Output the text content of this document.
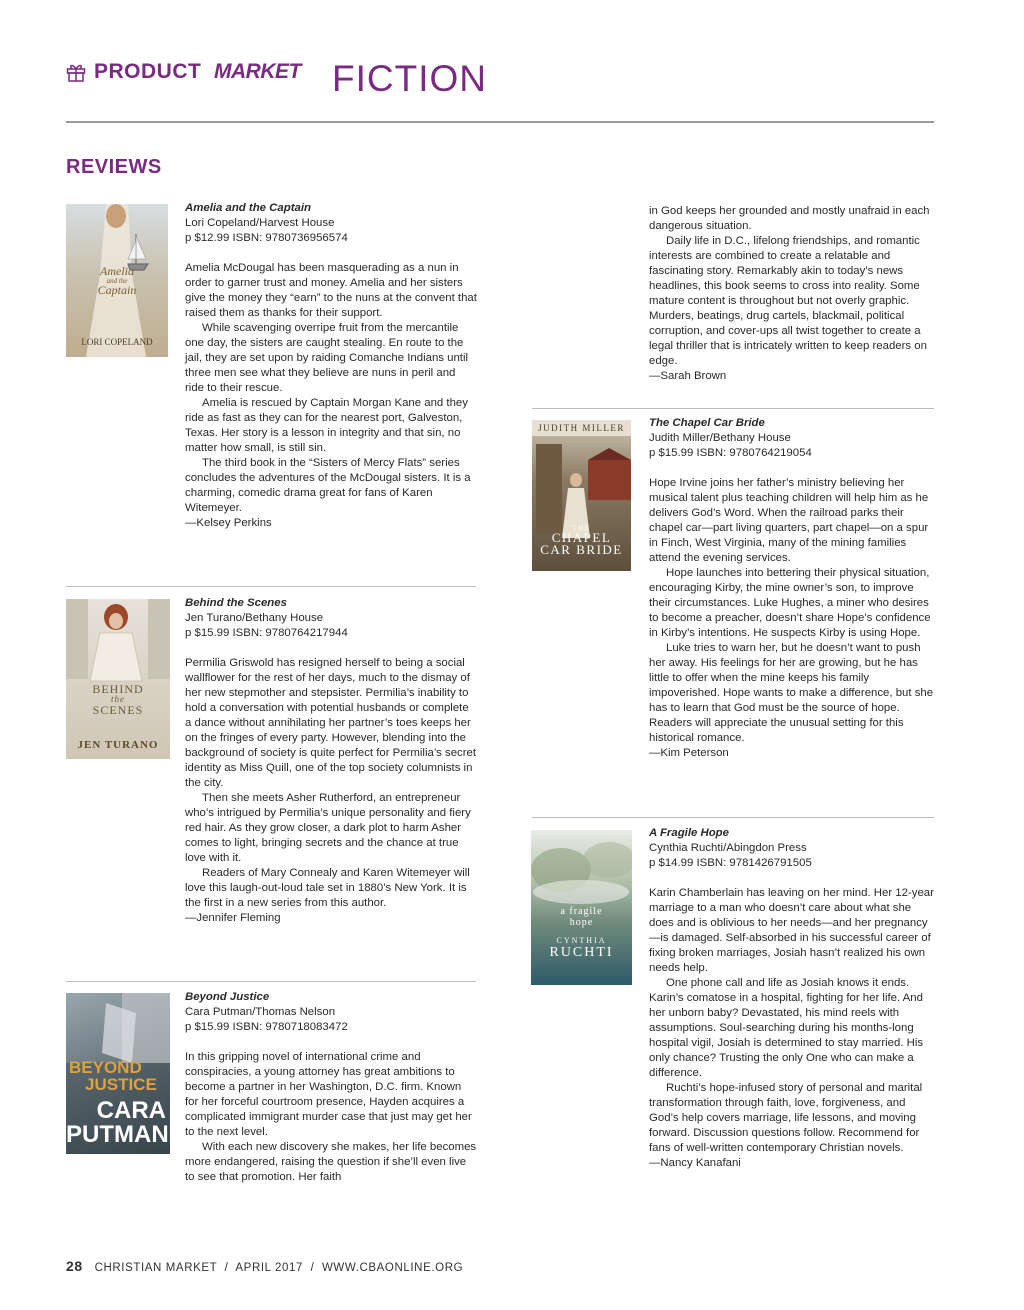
PRODUCT MARKET FICTION
REVIEWS
Amelia
and the
Captain
LORI COPELAND
Amelia and the Captain
Lori Copeland/Harvest House
p $12.99 ISBN: 9780736956574

Amelia McDougal has been masquerading as a nun in order to garner trust and money. Amelia and her sisters give the money they “earn” to the nuns at the convent that raised them as thanks for their support.

While scavenging overripe fruit from the mercantile one day, the sisters are caught stealing. En route to the jail, they are set upon by raiding Comanche Indians until three men see what they believe are nuns in peril and ride to their rescue.

Amelia is rescued by Captain Morgan Kane and they ride as fast as they can for the nearest port, Galveston, Texas. Her story is a lesson in integrity and that sin, no matter how small, is still sin.

The third book in the “Sisters of Mercy Flats” series concludes the adventures of the McDougal sisters. It is a charming, comedic drama great for fans of Karen Witemeyer.

—Kelsey Perkins

BEHIND
the
SCENES
JEN TURANO
Behind the Scenes
Jen Turano/Bethany House
p $15.99 ISBN: 9780764217944

Permilia Griswold has resigned herself to being a social wallflower for the rest of her days, much to the dismay of her new stepmother and stepsister. Permilia’s inability to hold a conversation with potential husbands or complete a dance without annihilating her partner’s toes keeps her on the fringes of every party. However, blending into the background of society is quite perfect for Permilia’s secret identity as Miss Quill, one of the top society columnists in the city.

Then she meets Asher Rutherford, an entrepreneur who’s intrigued by Permilia’s unique personality and fiery red hair. As they grow closer, a dark plot to harm Asher comes to light, bringing secrets and the chance at true love with it.

Readers of Mary Connealy and Karen Witemeyer will love this laugh-out-loud tale set in 1880’s New York. It is the first in a new series from this author.

—Jennifer Fleming

BEYOND
JUSTICE
CARA
PUTMAN
Beyond Justice
Cara Putman/Thomas Nelson
p $15.99 ISBN: 9780718083472

In this gripping novel of international crime and conspiracies, a young attorney has great ambitions to become a partner in her Washington, D.C. firm. Known for her forceful courtroom presence, Hayden acquires a complicated immigrant murder case that just may get her to the next level.

With each new discovery she makes, her life becomes more endangered, raising the question if she’ll even live to see that promotion. Her faith

in God keeps her grounded and mostly unafraid in each dangerous situation.

Daily life in D.C., lifelong friendships, and romantic interests are combined to create a relatable and fascinating story. Remarkably akin to today’s news headlines, this book seems to cross into reality. Some mature content is throughout but not overly graphic. Murders, beatings, drug cartels, blackmail, political corruption, and cover-ups all twist together to create a legal thriller that is intricately written to keep readers on edge.

—Sarah Brown

JUDITH MILLER
THE
CHAPEL
CAR BRIDE
The Chapel Car Bride
Judith Miller/Bethany House
p $15.99 ISBN: 9780764219054

Hope Irvine joins her father’s ministry believing her musical talent plus teaching children will help him as he delivers God’s Word. When the railroad parks their chapel car—part living quarters, part chapel—on a spur in Finch, West Virginia, many of the mining families attend the evening services.

Hope launches into bettering their physical situation, encouraging Kirby, the mine owner’s son, to improve their circumstances. Luke Hughes, a miner who desires to become a preacher, doesn’t share Hope’s confidence in Kirby’s intentions. He suspects Kirby is using Hope.

Luke tries to warn her, but he doesn’t want to push her away. His feelings for her are growing, but he has little to offer when the mine keeps his family impoverished. Hope wants to make a difference, but she has to learn that God must be the source of hope. Readers will appreciate the unusual setting for this historical romance.

—Kim Peterson

a fragile
hope
CYNTHIA
RUCHTI
A Fragile Hope
Cynthia Ruchti/Abingdon Press
p $14.99 ISBN: 9781426791505

Karin Chamberlain has leaving on her mind. Her 12-year marriage to a man who doesn’t care about what she does and is oblivious to her needs—and her pregnancy—is damaged. Self-absorbed in his successful career of fixing broken marriages, Josiah hasn’t realized his own needs help.

One phone call and life as Josiah knows it ends. Karin’s comatose in a hospital, fighting for her life. And her unborn baby? Devastated, his mind reels with assumptions. Soul-searching during his months-long hospital vigil, Josiah is determined to stay married. His only chance? Trusting the only One who can make a difference.

Ruchti’s hope-infused story of personal and marital transformation through faith, love, forgiveness, and God’s help covers marriage, life lessons, and moving forward. Discussion questions follow. Recommend for fans of well-written contemporary Christian novels.

—Nancy Kanafani

28 CHRISTIAN MARKET  /  APRIL 2017  /  WWW.CBAONLINE.ORG
